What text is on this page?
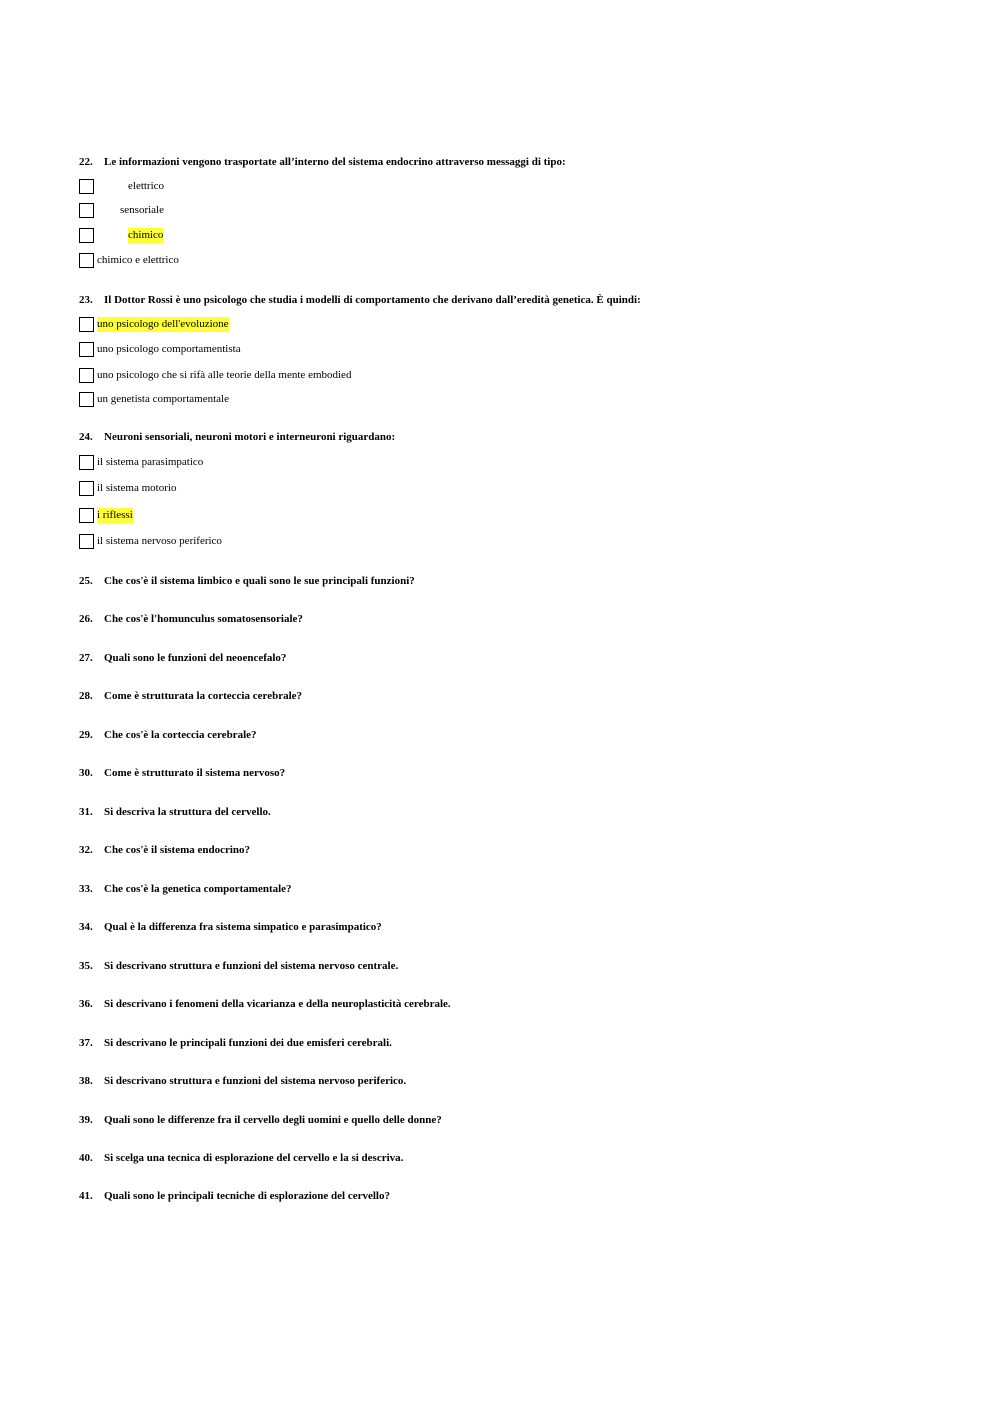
22. Le informazioni vengono trasportate all’interno del sistema endocrino attraverso messaggi di tipo:
elettrico
sensoriale
chimico
chimico e elettrico
23. Il Dottor Rossi è uno psicologo che studia i modelli di comportamento che derivano dall’eredità genetica. È quindi:
uno psicologo dell'evoluzione
uno psicologo comportamentista
uno psicologo che si rifà alle teorie della mente embodied
un genetista comportamentale
24. Neuroni sensoriali, neuroni motori e interneuroni riguardano:
il sistema parasimpatico
il sistema motorio
i riflessi
il sistema nervoso periferico
25. Che cos'è il sistema limbico e quali sono le sue principali funzioni?
26. Che cos'è l'homunculus somatosensoriale?
27. Quali sono le funzioni del neoencefalo?
28. Come è strutturata la corteccia cerebrale?
29. Che cos'è la corteccia cerebrale?
30. Come è strutturato il sistema nervoso?
31. Si descriva la struttura del cervello.
32. Che cos'è il sistema endocrino?
33. Che cos'è la genetica comportamentale?
34. Qual è la differenza fra sistema simpatico e parasimpatico?
35. Si descrivano struttura e funzioni del sistema nervoso centrale.
36. Si descrivano i fenomeni della vicarianza e della neuroplasticità cerebrale.
37. Si descrivano le principali funzioni dei due emisferi cerebrali.
38. Si descrivano struttura e funzioni del sistema nervoso periferico.
39. Quali sono le differenze fra il cervello degli uomini e quello delle donne?
40. Si scelga una tecnica di esplorazione del cervello e la si descriva.
41. Quali sono le principali tecniche di esplorazione del cervello?
